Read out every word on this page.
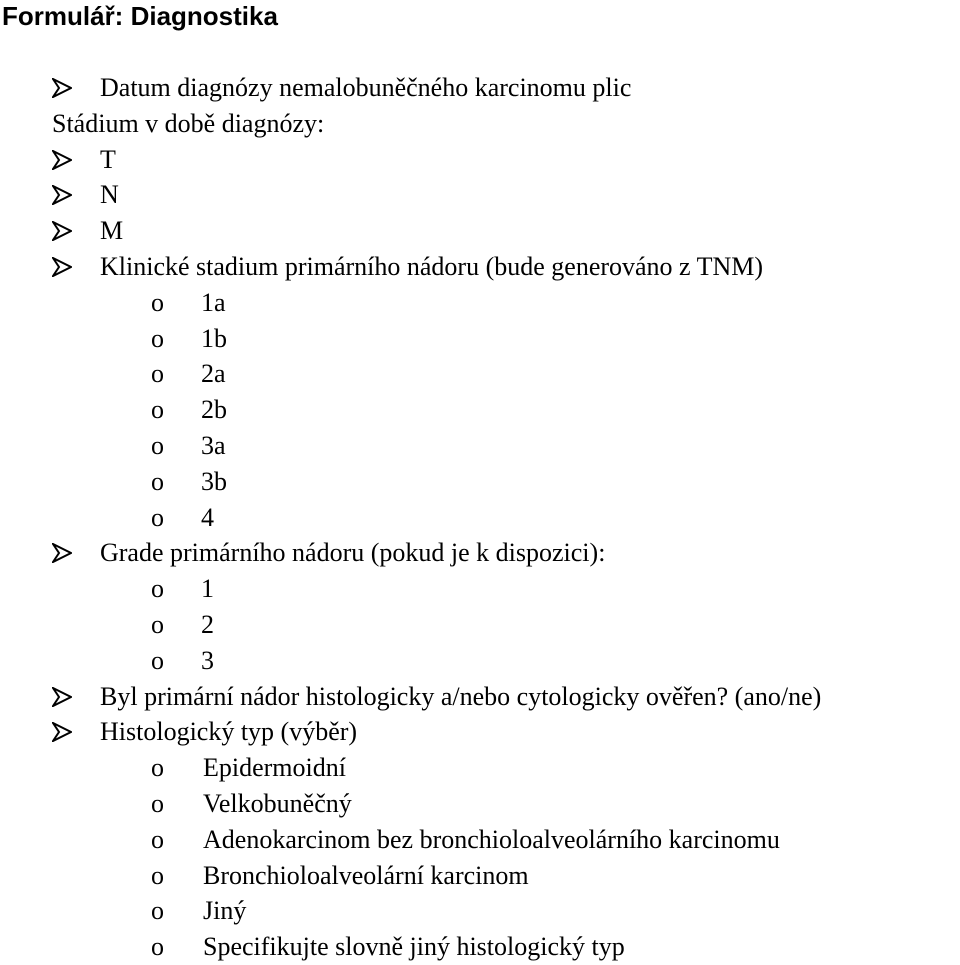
Formulář: Diagnostika
Datum diagnózy nemalobuněčného karcinomu plic
Stádium v době diagnózy:
T
N
M
Klinické stadium primárního nádoru (bude generováno z TNM)
o 1a
o 1b
o 2a
o 2b
o 3a
o 3b
o 4
Grade primárního nádoru (pokud je k dispozici):
o 1
o 2
o 3
Byl primární nádor histologicky a/nebo cytologicky ověřen? (ano/ne)
Histologický typ (výběr)
o Epidermoidní
o Velkobuněčný
o Adenokarcinom bez bronchioloalveolárního karcinomu
o Bronchioloalveolární karcinom
o Jiný
o Specifikujte slovně jiný histologický typ
